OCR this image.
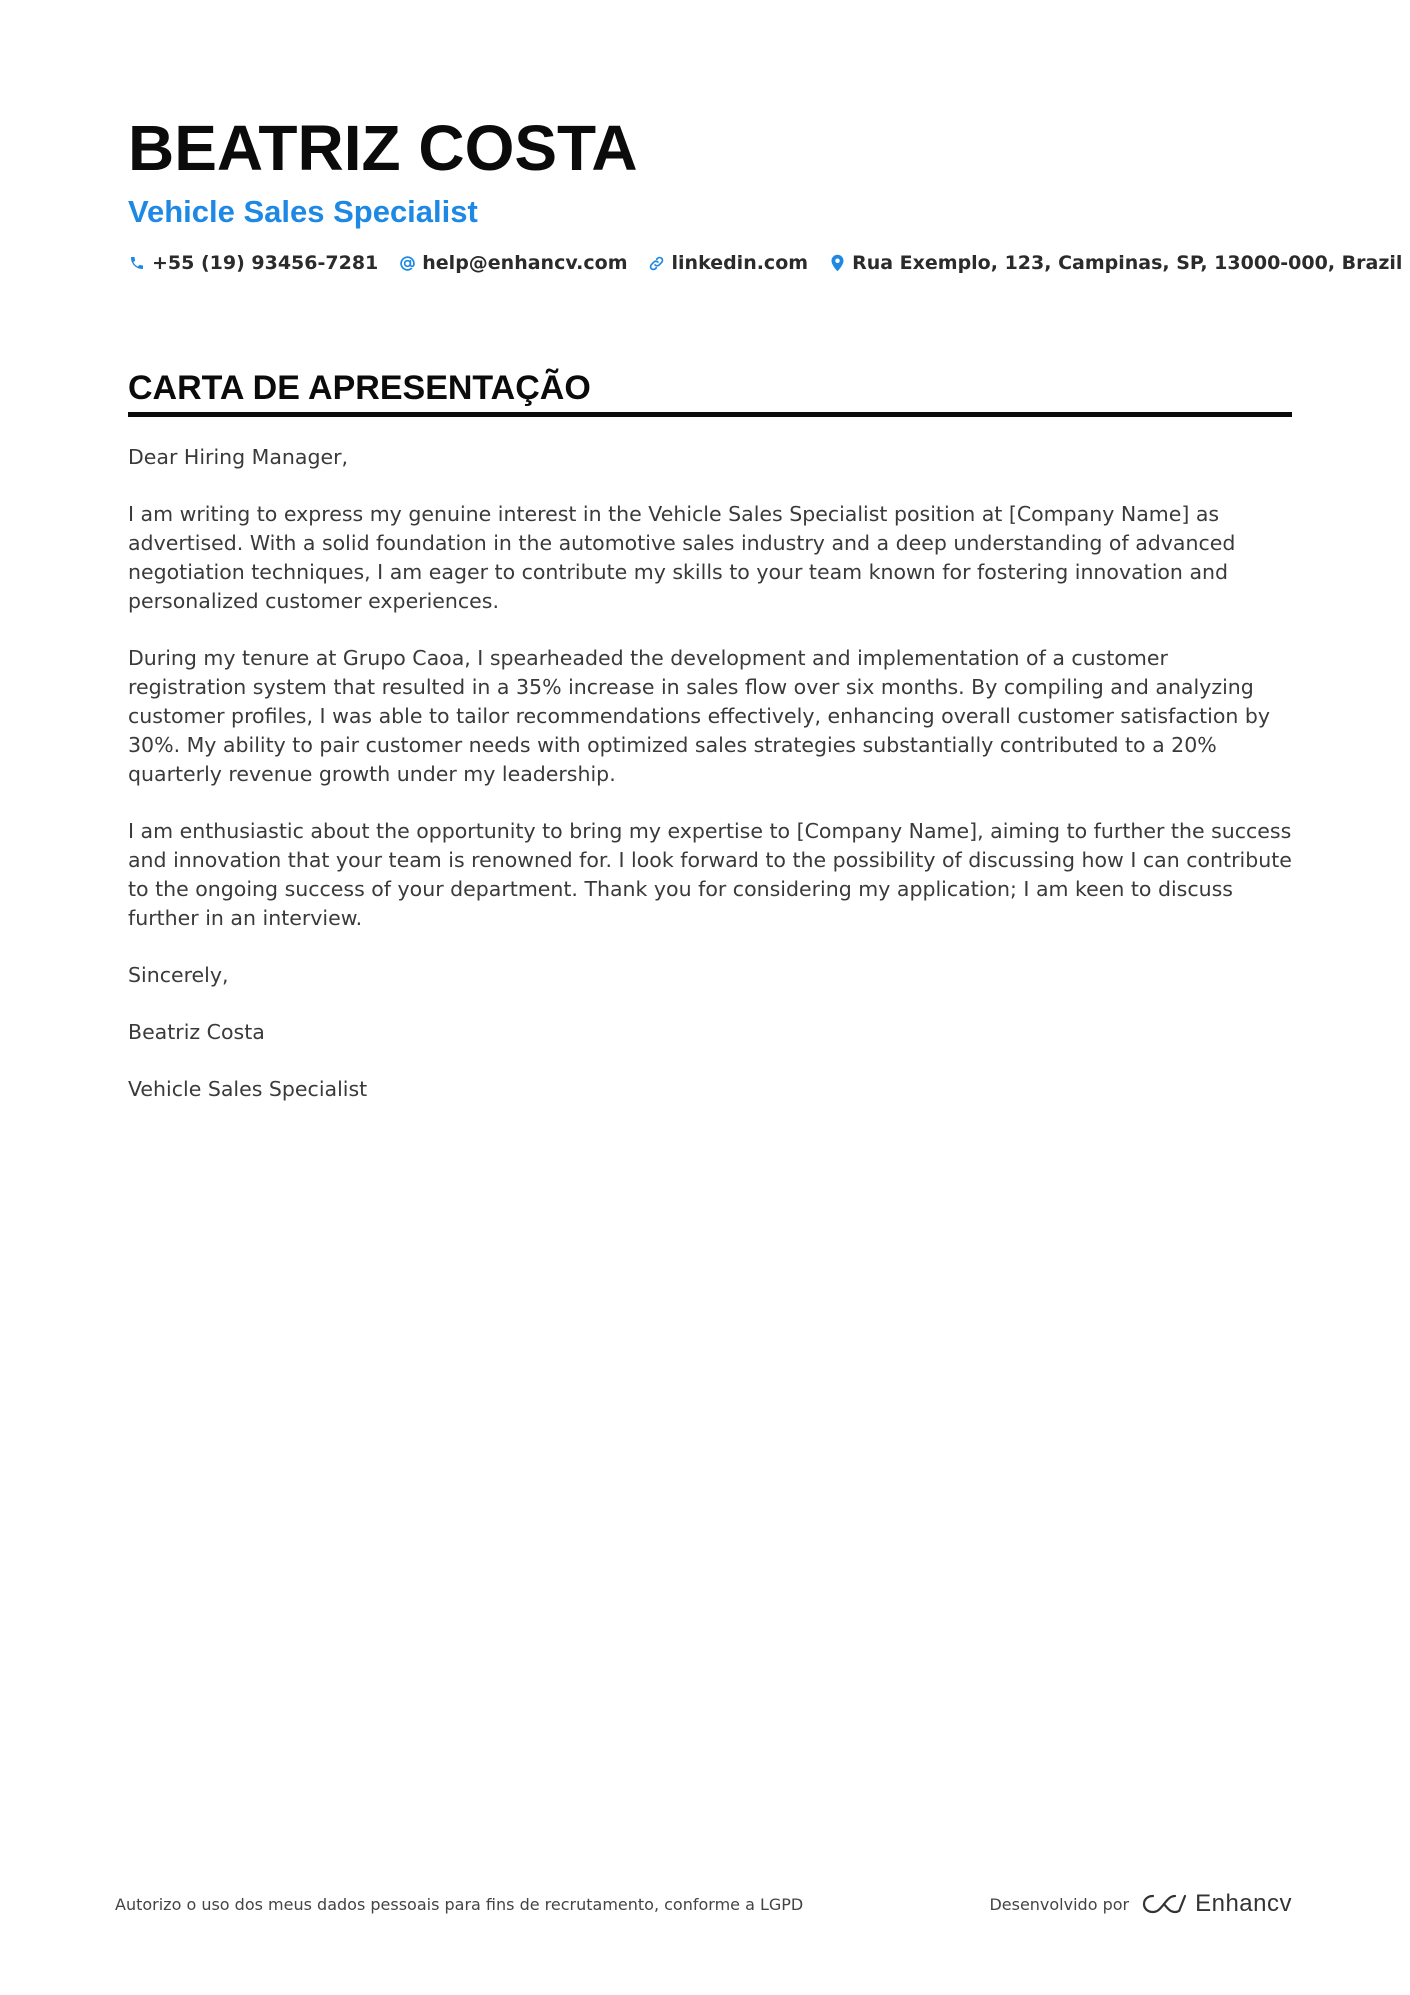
BEATRIZ COSTA
Vehicle Sales Specialist
+55 (19) 93456-7281 help@enhancv.com linkedin.com Rua Exemplo, 123, Campinas, SP, 13000-000, Brazil
CARTA DE APRESENTAÇÃO

Dear Hiring Manager,

I am writing to express my genuine interest in the Vehicle Sales Specialist position at [Company Name] as advertised. With a solid foundation in the automotive sales industry and a deep understanding of advanced negotiation techniques, I am eager to contribute my skills to your team known for fostering innovation and personalized customer experiences.

During my tenure at Grupo Caoa, I spearheaded the development and implementation of a customer registration system that resulted in a 35% increase in sales flow over six months. By compiling and analyzing customer profiles, I was able to tailor recommendations effectively, enhancing overall customer satisfaction by 30%. My ability to pair customer needs with optimized sales strategies substantially contributed to a 20% quarterly revenue growth under my leadership.

I am enthusiastic about the opportunity to bring my expertise to [Company Name], aiming to further the success and innovation that your team is renowned for. I look forward to the possibility of discussing how I can contribute to the ongoing success of your department. Thank you for considering my application; I am keen to discuss further in an interview.

Sincerely,

Beatriz Costa

Vehicle Sales Specialist

Autorizo o uso dos meus dados pessoais para fins de recrutamento, conforme a LGPD	Desenvolvido por	Enhancv
